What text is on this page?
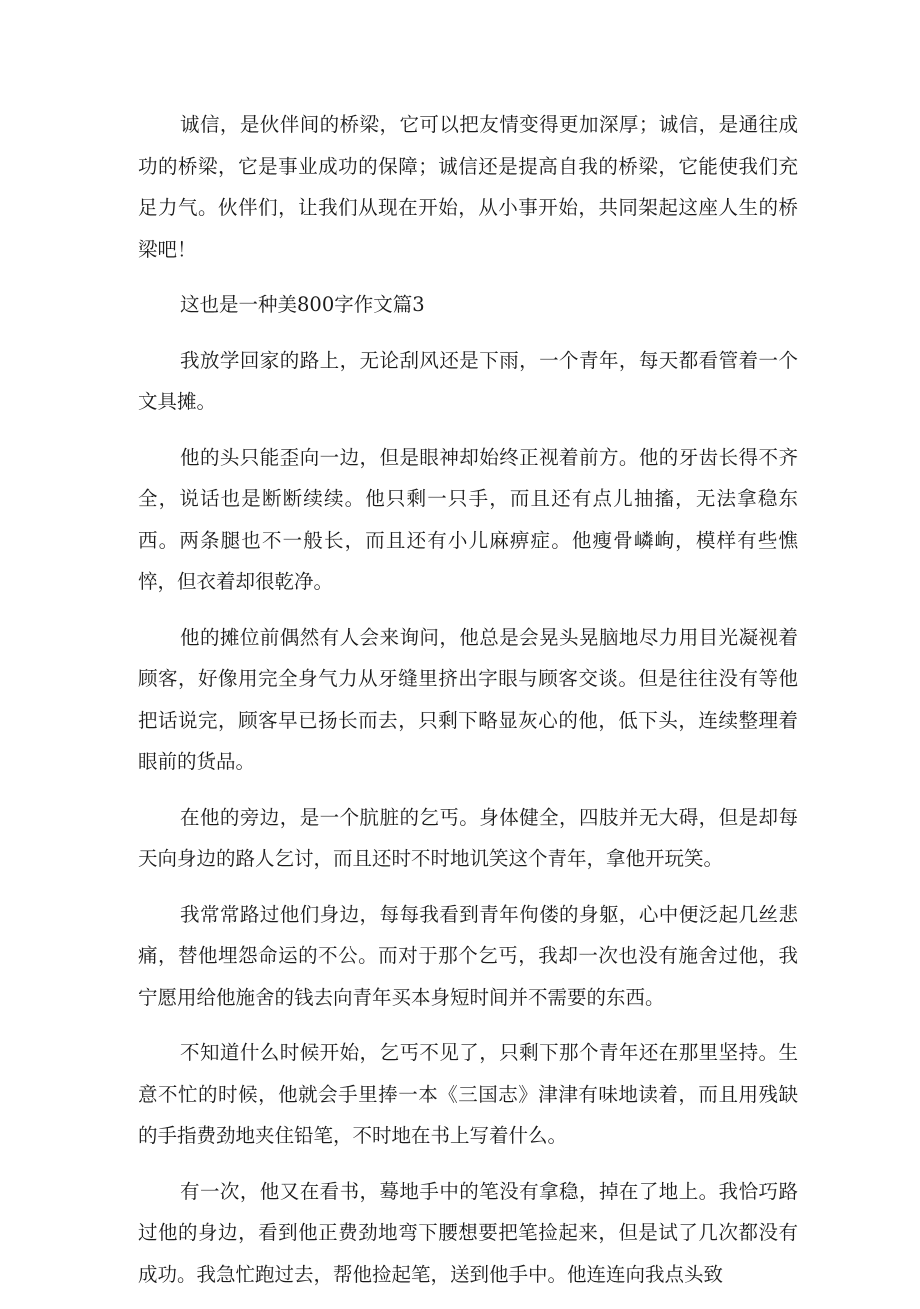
诚信，是伙伴间的桥梁，它可以把友情变得更加深厚；诚信，是通往成功的桥梁，它是事业成功的保障；诚信还是提高自我的桥梁，它能使我们充足力气。伙伴们，让我们从现在开始，从小事开始，共同架起这座人生的桥梁吧！

这也是一种美800字作文篇3

我放学回家的路上，无论刮风还是下雨，一个青年，每天都看管着一个文具摊。

他的头只能歪向一边，但是眼神却始终正视着前方。他的牙齿长得不齐全，说话也是断断续续。他只剩一只手，而且还有点儿抽搐，无法拿稳东西。两条腿也不一般长，而且还有小儿麻痹症。他瘦骨嶙峋，模样有些憔悴，但衣着却很乾净。

他的摊位前偶然有人会来询问，他总是会晃头晃脑地尽力用目光凝视着顾客，好像用完全身气力从牙缝里挤出字眼与顾客交谈。但是往往没有等他把话说完，顾客早已扬长而去，只剩下略显灰心的他，低下头，连续整理着眼前的货品。

在他的旁边，是一个肮脏的乞丐。身体健全，四肢并无大碍，但是却每天向身边的路人乞讨，而且还时不时地讥笑这个青年，拿他开玩笑。

我常常路过他们身边，每每我看到青年佝偻的身躯，心中便泛起几丝悲痛，替他埋怨命运的不公。而对于那个乞丐，我却一次也没有施舍过他，我宁愿用给他施舍的钱去向青年买本身短时间并不需要的东西。

不知道什么时候开始，乞丐不见了，只剩下那个青年还在那里坚持。生意不忙的时候，他就会手里捧一本《三国志》津津有味地读着，而且用残缺的手指费劲地夹住铅笔，不时地在书上写着什么。

有一次，他又在看书，蓦地手中的笔没有拿稳，掉在了地上。我恰巧路过他的身边，看到他正费劲地弯下腰想要把笔捡起来，但是试了几次都没有成功。我急忙跑过去，帮他捡起笔，送到他手中。他连连向我点头致
